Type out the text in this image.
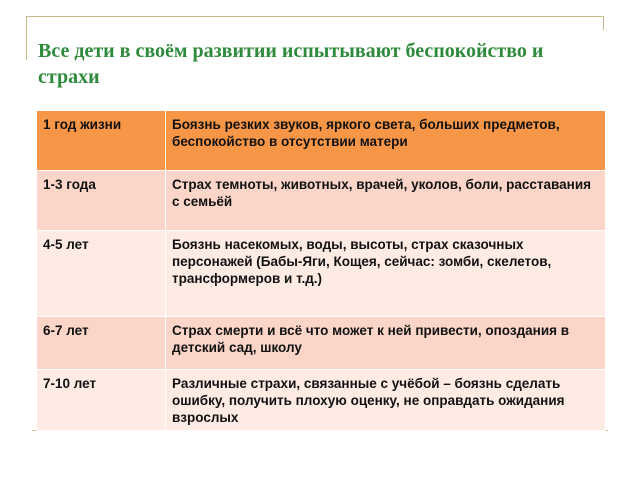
Все дети в своём развитии испытывают беспокойство и страхи
1 год жизни	Боязнь резких звуков, яркого света, больших предметов, беспокойство в отсутствии матери
1-3 года	Страх темноты, животных, врачей, уколов, боли, расставания с семьёй
4-5 лет	Боязнь насекомых, воды, высоты, страх сказочных персонажей (Бабы-Яги, Кощея, сейчас: зомби, скелетов, трансформеров и т.д.)
6-7 лет	Страх смерти и всё что может к ней привести, опоздания в детский сад, школу
7-10 лет	Различные страхи, связанные с учёбой – боязнь сделать ошибку, получить плохую оценку, не оправдать ожидания взрослых
